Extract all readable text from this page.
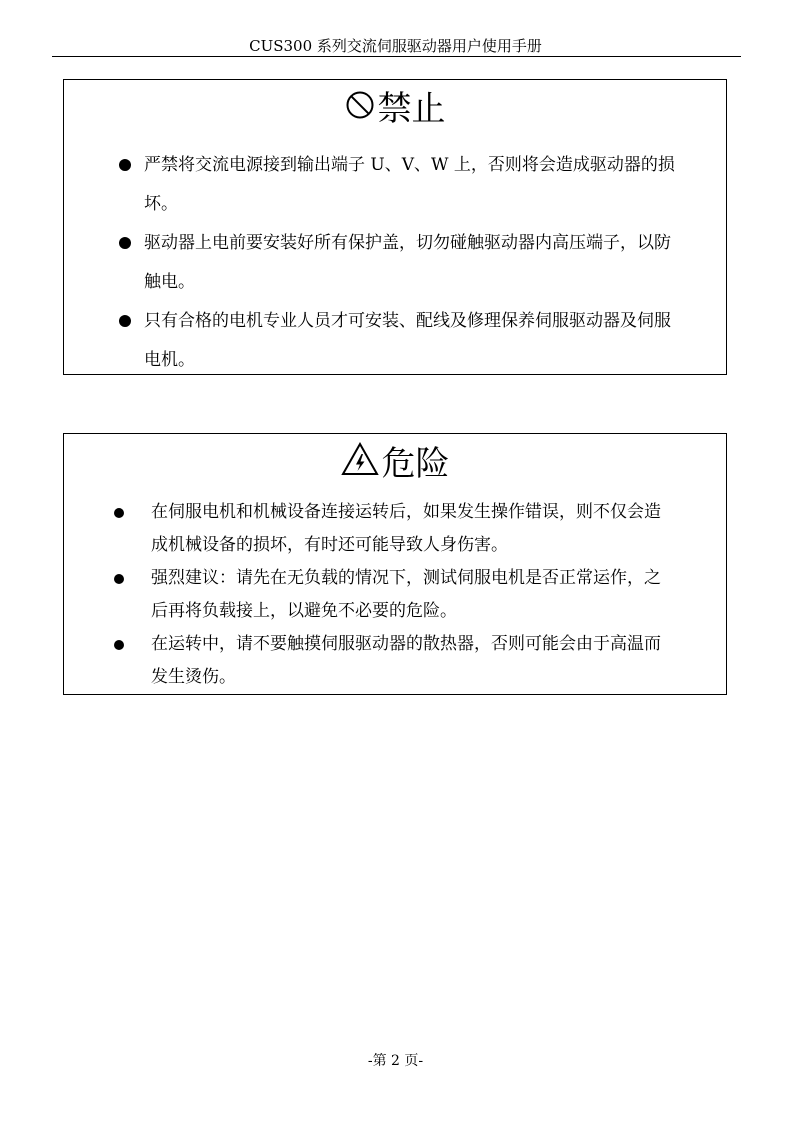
CUS300 系列交流伺服驱动器用户使用手册
禁止
严禁将交流电源接到输出端子 U、V、W 上，否则将会造成驱动器的损
坏。
驱动器上电前要安装好所有保护盖，切勿碰触驱动器内高压端子，以防
触电。
只有合格的电机专业人员才可安装、配线及修理保养伺服驱动器及伺服
电机。
危险
在伺服电机和机械设备连接运转后，如果发生操作错误，则不仅会造
成机械设备的损坏，有时还可能导致人身伤害。
强烈建议：请先在无负载的情况下，测试伺服电机是否正常运作，之
后再将负载接上，以避免不必要的危险。
在运转中，请不要触摸伺服驱动器的散热器，否则可能会由于高温而
发生烫伤。
-第 2 页-
